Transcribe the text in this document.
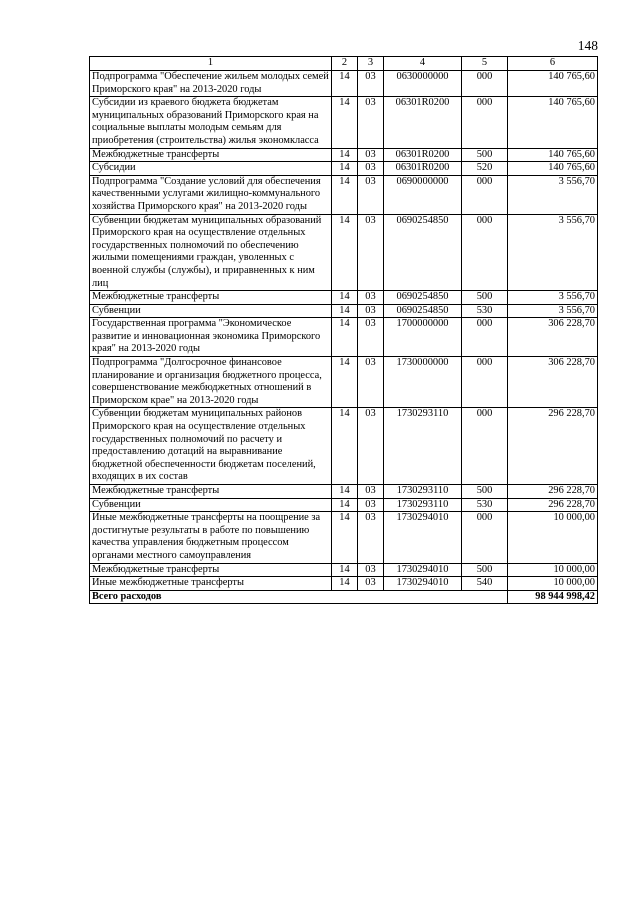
148
1	2	3	4	5	6
Подпрограмма "Обеспечение жильем молодых семей Приморского края" на 2013-2020 годы	14	03	0630000000	000	140 765,60
Субсидии из краевого бюджета бюджетам муниципальных образований Приморского края на социальные выплаты молодым семьям для приобретения (строительства) жилья экономкласса	14	03	06301R0200	000	140 765,60
Межбюджетные трансферты	14	03	06301R0200	500	140 765,60
Субсидии	14	03	06301R0200	520	140 765,60
Подпрограмма "Создание условий для обеспечения качественными услугами жилищно-коммунального хозяйства Приморского края" на 2013-2020 годы	14	03	0690000000	000	3 556,70
Субвенции бюджетам муниципальных образований Приморского края на осуществление отдельных государственных полномочий по обеспечению жилыми помещениями граждан, уволенных с военной службы (службы), и приравненных к ним лиц	14	03	0690254850	000	3 556,70
Межбюджетные трансферты	14	03	0690254850	500	3 556,70
Субвенции	14	03	0690254850	530	3 556,70
Государственная программа "Экономическое развитие и инновационная экономика Приморского края" на 2013-2020 годы	14	03	1700000000	000	306 228,70
Подпрограмма "Долгосрочное финансовое планирование и организация бюджетного процесса, совершенствование межбюджетных отношений в Приморском крае" на 2013-2020 годы	14	03	1730000000	000	306 228,70
Субвенции бюджетам муниципальных районов Приморского края на осуществление отдельных государственных полномочий по расчету и предоставлению дотаций на выравнивание бюджетной обеспеченности бюджетам поселений, входящих в их состав	14	03	1730293110	000	296 228,70
Межбюджетные трансферты	14	03	1730293110	500	296 228,70
Субвенции	14	03	1730293110	530	296 228,70
Иные межбюджетные трансферты на поощрение за достигнутые результаты в работе по повышению качества управления бюджетным процессом органами местного самоуправления	14	03	1730294010	000	10 000,00
Межбюджетные трансферты	14	03	1730294010	500	10 000,00
Иные межбюджетные трансферты	14	03	1730294010	540	10 000,00
Всего расходов					98 944 998,42
